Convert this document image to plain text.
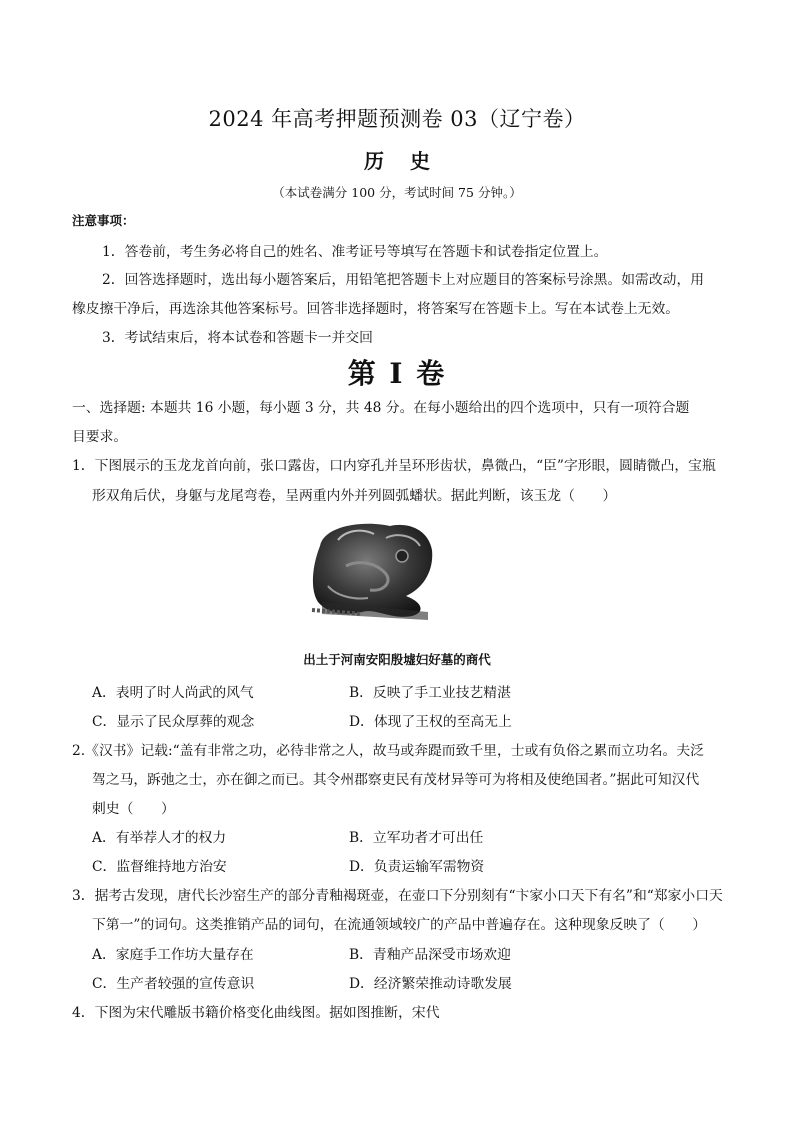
2024 年高考押题预测卷 03（辽宁卷）
历史
（本试卷满分 100 分，考试时间 75 分钟。）
注意事项：
1．答卷前，考生务必将自己的姓名、准考证号等填写在答题卡和试卷指定位置上。
2．回答选择题时，选出每小题答案后，用铅笔把答题卡上对应题目的答案标号涂黑。如需改动，用
橡皮擦干净后，再选涂其他答案标号。回答非选择题时，将答案写在答题卡上。写在本试卷上无效。
3．考试结束后，将本试卷和答题卡一并交回
第 I 卷
一、选择题: 本题共 16 小题，每小题 3 分，共 48 分。在每小题给出的四个选项中，只有一项符合题
目要求。
1．下图展示的玉龙龙首向前，张口露齿，口内穿孔并呈环形齿状，鼻微凸，“臣”字形眼，圆睛微凸，宝瓶
形双角后伏，身躯与龙尾弯卷，呈两重内外并列圆弧蟠状。据此判断，该玉龙（　　）
出土于河南安阳殷墟妇好墓的商代
A．表明了时人尚武的风气	B．反映了手工业技艺精湛
C．显示了民众厚葬的观念	D．体现了王权的至高无上
2.《汉书》记载:“盖有非常之功，必待非常之人，故马或奔踶而致千里，士或有负俗之累而立功名。夫泛
驾之马，跅弛之士，亦在御之而已。其令州郡察吏民有茂材异等可为将相及使绝国者。”据此可知汉代
刺史（　　）
A．有举荐人才的权力	B．立军功者才可出任
C．监督维持地方治安	D．负责运输军需物资
3．据考古发现，唐代长沙窑生产的部分青釉褐斑壶，在壶口下分别刻有“卞家小口天下有名”和“郑家小口天
下第一”的词句。这类推销产品的词句，在流通领域较广的产品中普遍存在。这种现象反映了（　　）
A．家庭手工作坊大量存在	B．青釉产品深受市场欢迎
C．生产者较强的宣传意识	D．经济繁荣推动诗歌发展
4．下图为宋代雕版书籍价格变化曲线图。据如图推断，宋代
